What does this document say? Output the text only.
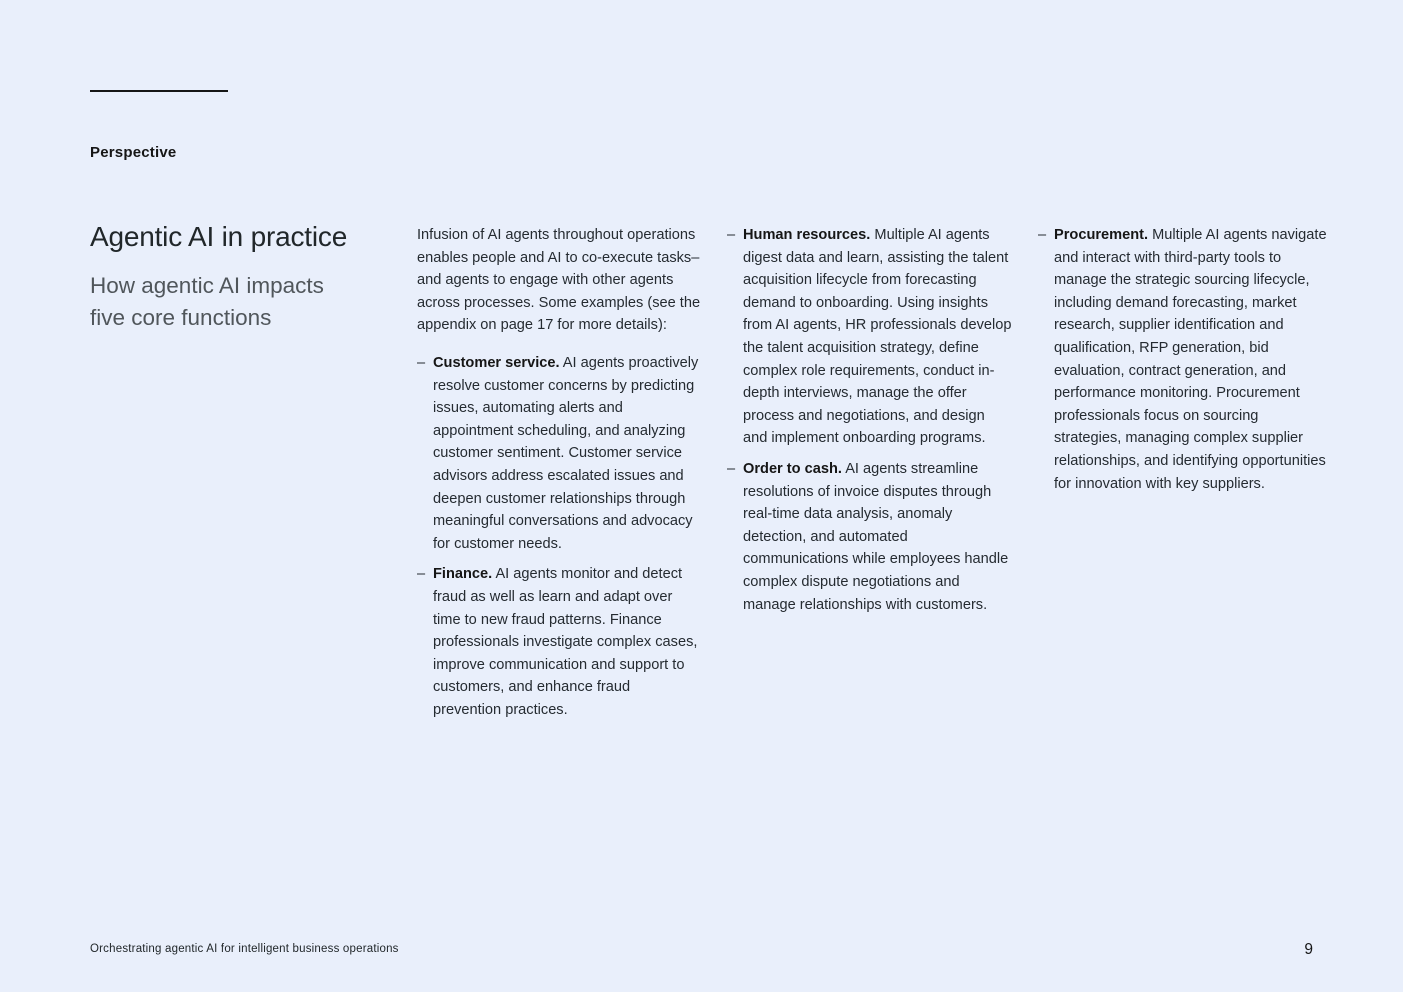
Perspective
Agentic AI in practice
How agentic AI impacts five core functions

Infusion of AI agents throughout operations enables people and AI to co-execute tasks–and agents to engage with other agents across processes. Some examples (see the appendix on page 17 for more details):

– Customer service. AI agents proactively resolve customer concerns by predicting issues, automating alerts and appointment scheduling, and analyzing customer sentiment. Customer service advisors address escalated issues and deepen customer relationships through meaningful conversations and advocacy for customer needs.
– Finance. AI agents monitor and detect fraud as well as learn and adapt over time to new fraud patterns. Finance professionals investigate complex cases, improve communication and support to customers, and enhance fraud prevention practices.
– Human resources. Multiple AI agents digest data and learn, assisting the talent acquisition lifecycle from forecasting demand to onboarding. Using insights from AI agents, HR professionals develop the talent acquisition strategy, define complex role requirements, conduct in-depth interviews, manage the offer process and negotiations, and design and implement onboarding programs.
– Order to cash. AI agents streamline resolutions of invoice disputes through real-time data analysis, anomaly detection, and automated communications while employees handle complex dispute negotiations and manage relationships with customers.
– Procurement. Multiple AI agents navigate and interact with third-party tools to manage the strategic sourcing lifecycle, including demand forecasting, market research, supplier identification and qualification, RFP generation, bid evaluation, contract generation, and performance monitoring. Procurement professionals focus on sourcing strategies, managing complex supplier relationships, and identifying opportunities for innovation with key suppliers.
Orchestrating agentic AI for intelligent business operations	9
